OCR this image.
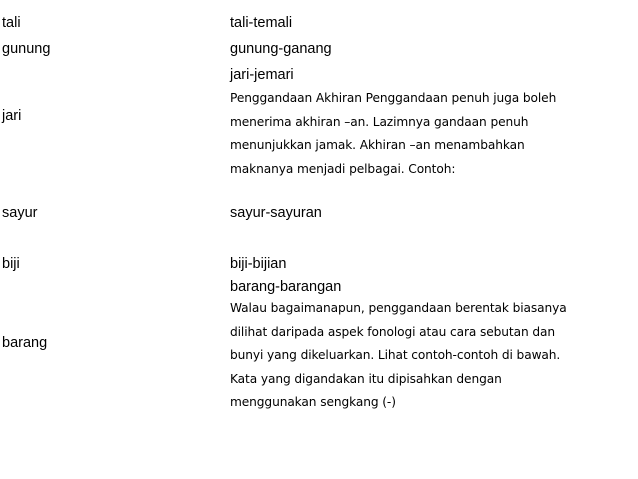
tali
gunung
jari
sayur
biji
barang
tali-temali
gunung-ganang
jari-jemari
Penggandaan Akhiran Penggandaan penuh juga boleh
menerima akhiran –an. Lazimnya gandaan penuh
menunjukkan jamak. Akhiran –an menambahkan
maknanya menjadi pelbagai. Contoh:
sayur-sayuran
biji-bijian
barang-barangan
Walau bagaimanapun, penggandaan berentak biasanya
dilihat daripada aspek fonologi atau cara sebutan dan
bunyi yang dikeluarkan. Lihat contoh-contoh di bawah.
Kata yang digandakan itu dipisahkan dengan
menggunakan sengkang (-)
